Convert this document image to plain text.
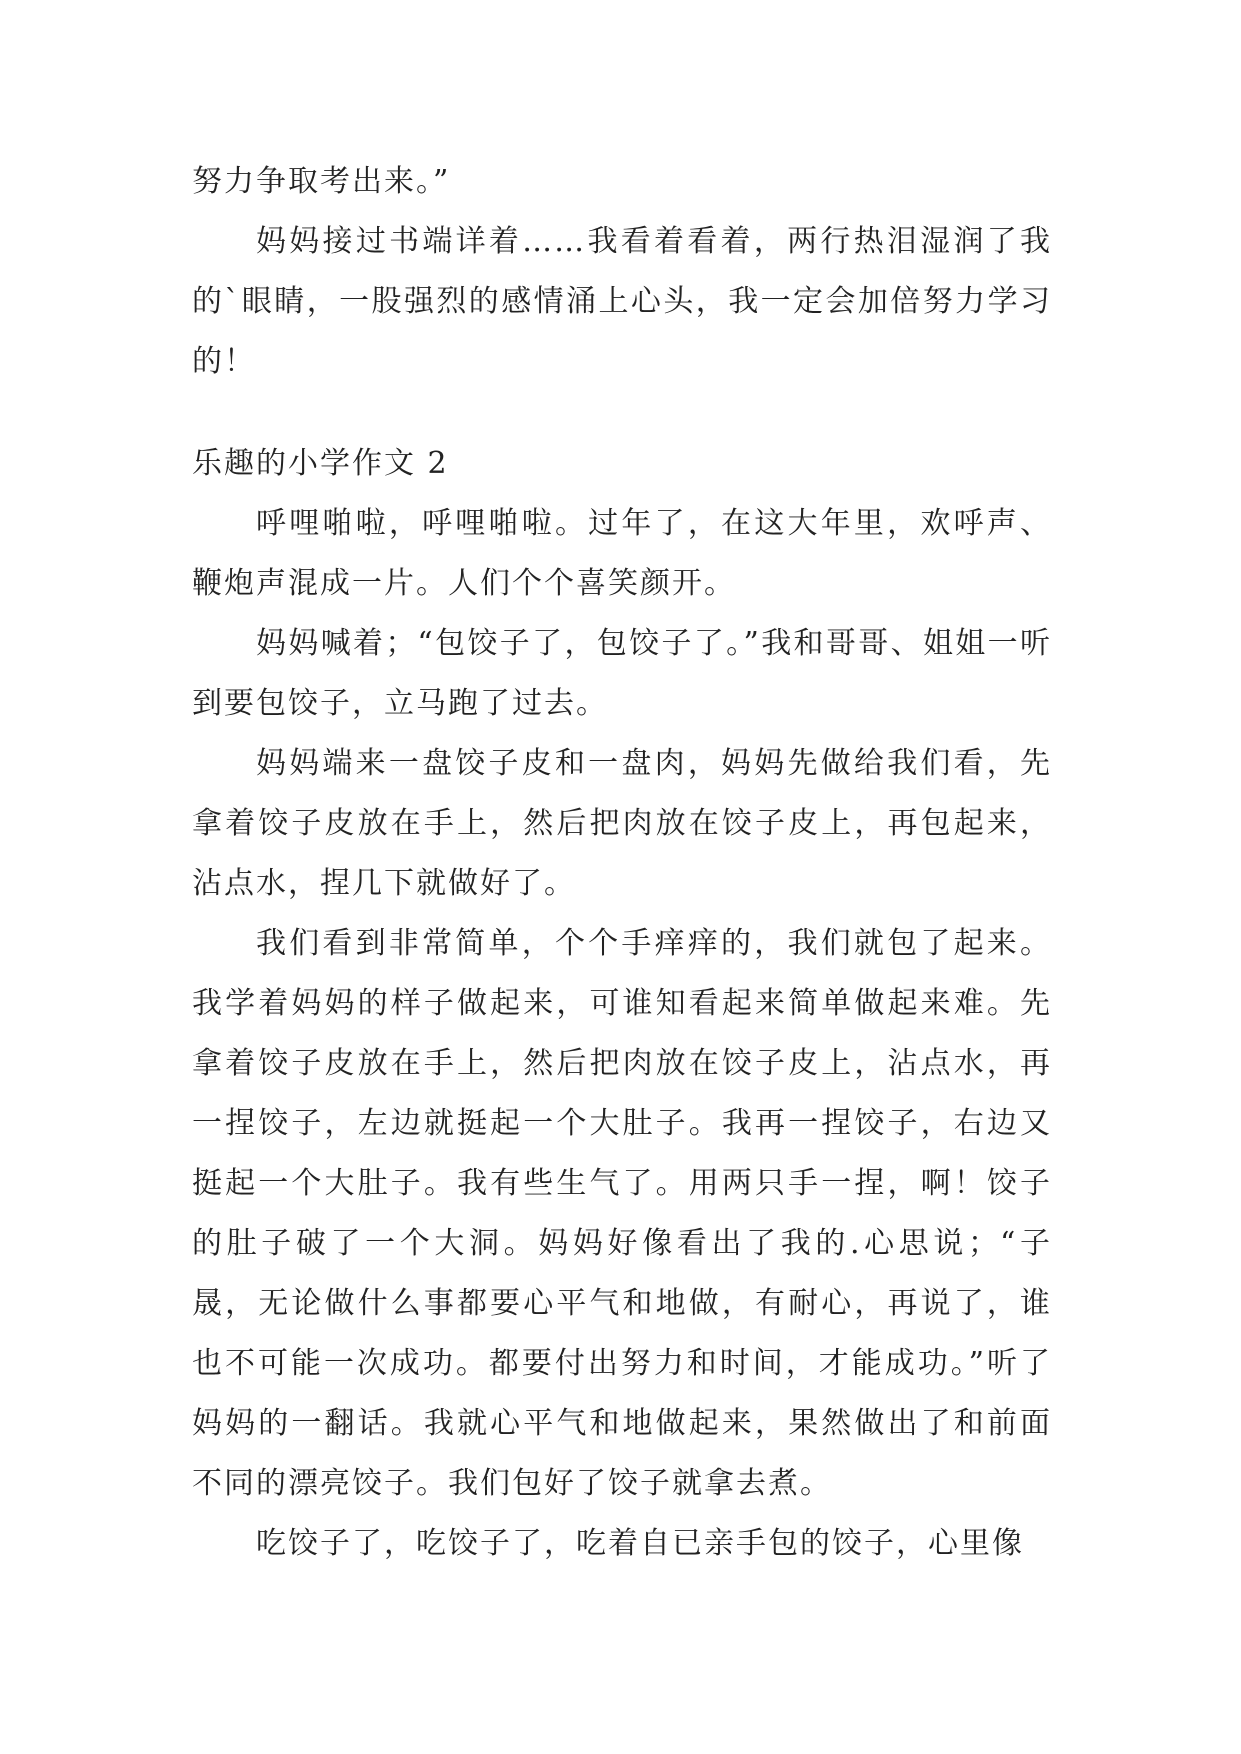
努力争取考出来。”

妈妈接过书端详着……我看着看着，两行热泪湿润了我的`眼睛，一股强烈的感情涌上心头，我一定会加倍努力学习的！

乐趣的小学作文 2

呼哩啪啦，呼哩啪啦。过年了，在这大年里，欢呼声、鞭炮声混成一片。人们个个喜笑颜开。

妈妈喊着；“包饺子了，包饺子了。”我和哥哥、姐姐一听到要包饺子，立马跑了过去。

妈妈端来一盘饺子皮和一盘肉，妈妈先做给我们看，先拿着饺子皮放在手上，然后把肉放在饺子皮上，再包起来，沾点水，捏几下就做好了。

我们看到非常简单，个个手痒痒的，我们就包了起来。我学着妈妈的样子做起来，可谁知看起来简单做起来难。先拿着饺子皮放在手上，然后把肉放在饺子皮上，沾点水，再一捏饺子，左边就挺起一个大肚子。我再一捏饺子，右边又挺起一个大肚子。我有些生气了。用两只手一捏，啊！饺子的肚子破了一个大洞。妈妈好像看出了我的.心思说；“子晟，无论做什么事都要心平气和地做，有耐心，再说了，谁也不可能一次成功。都要付出努力和时间，才能成功。”听了妈妈的一翻话。我就心平气和地做起来，果然做出了和前面不同的漂亮饺子。我们包好了饺子就拿去煮。

吃饺子了，吃饺子了，吃着自已亲手包的饺子，心里像
